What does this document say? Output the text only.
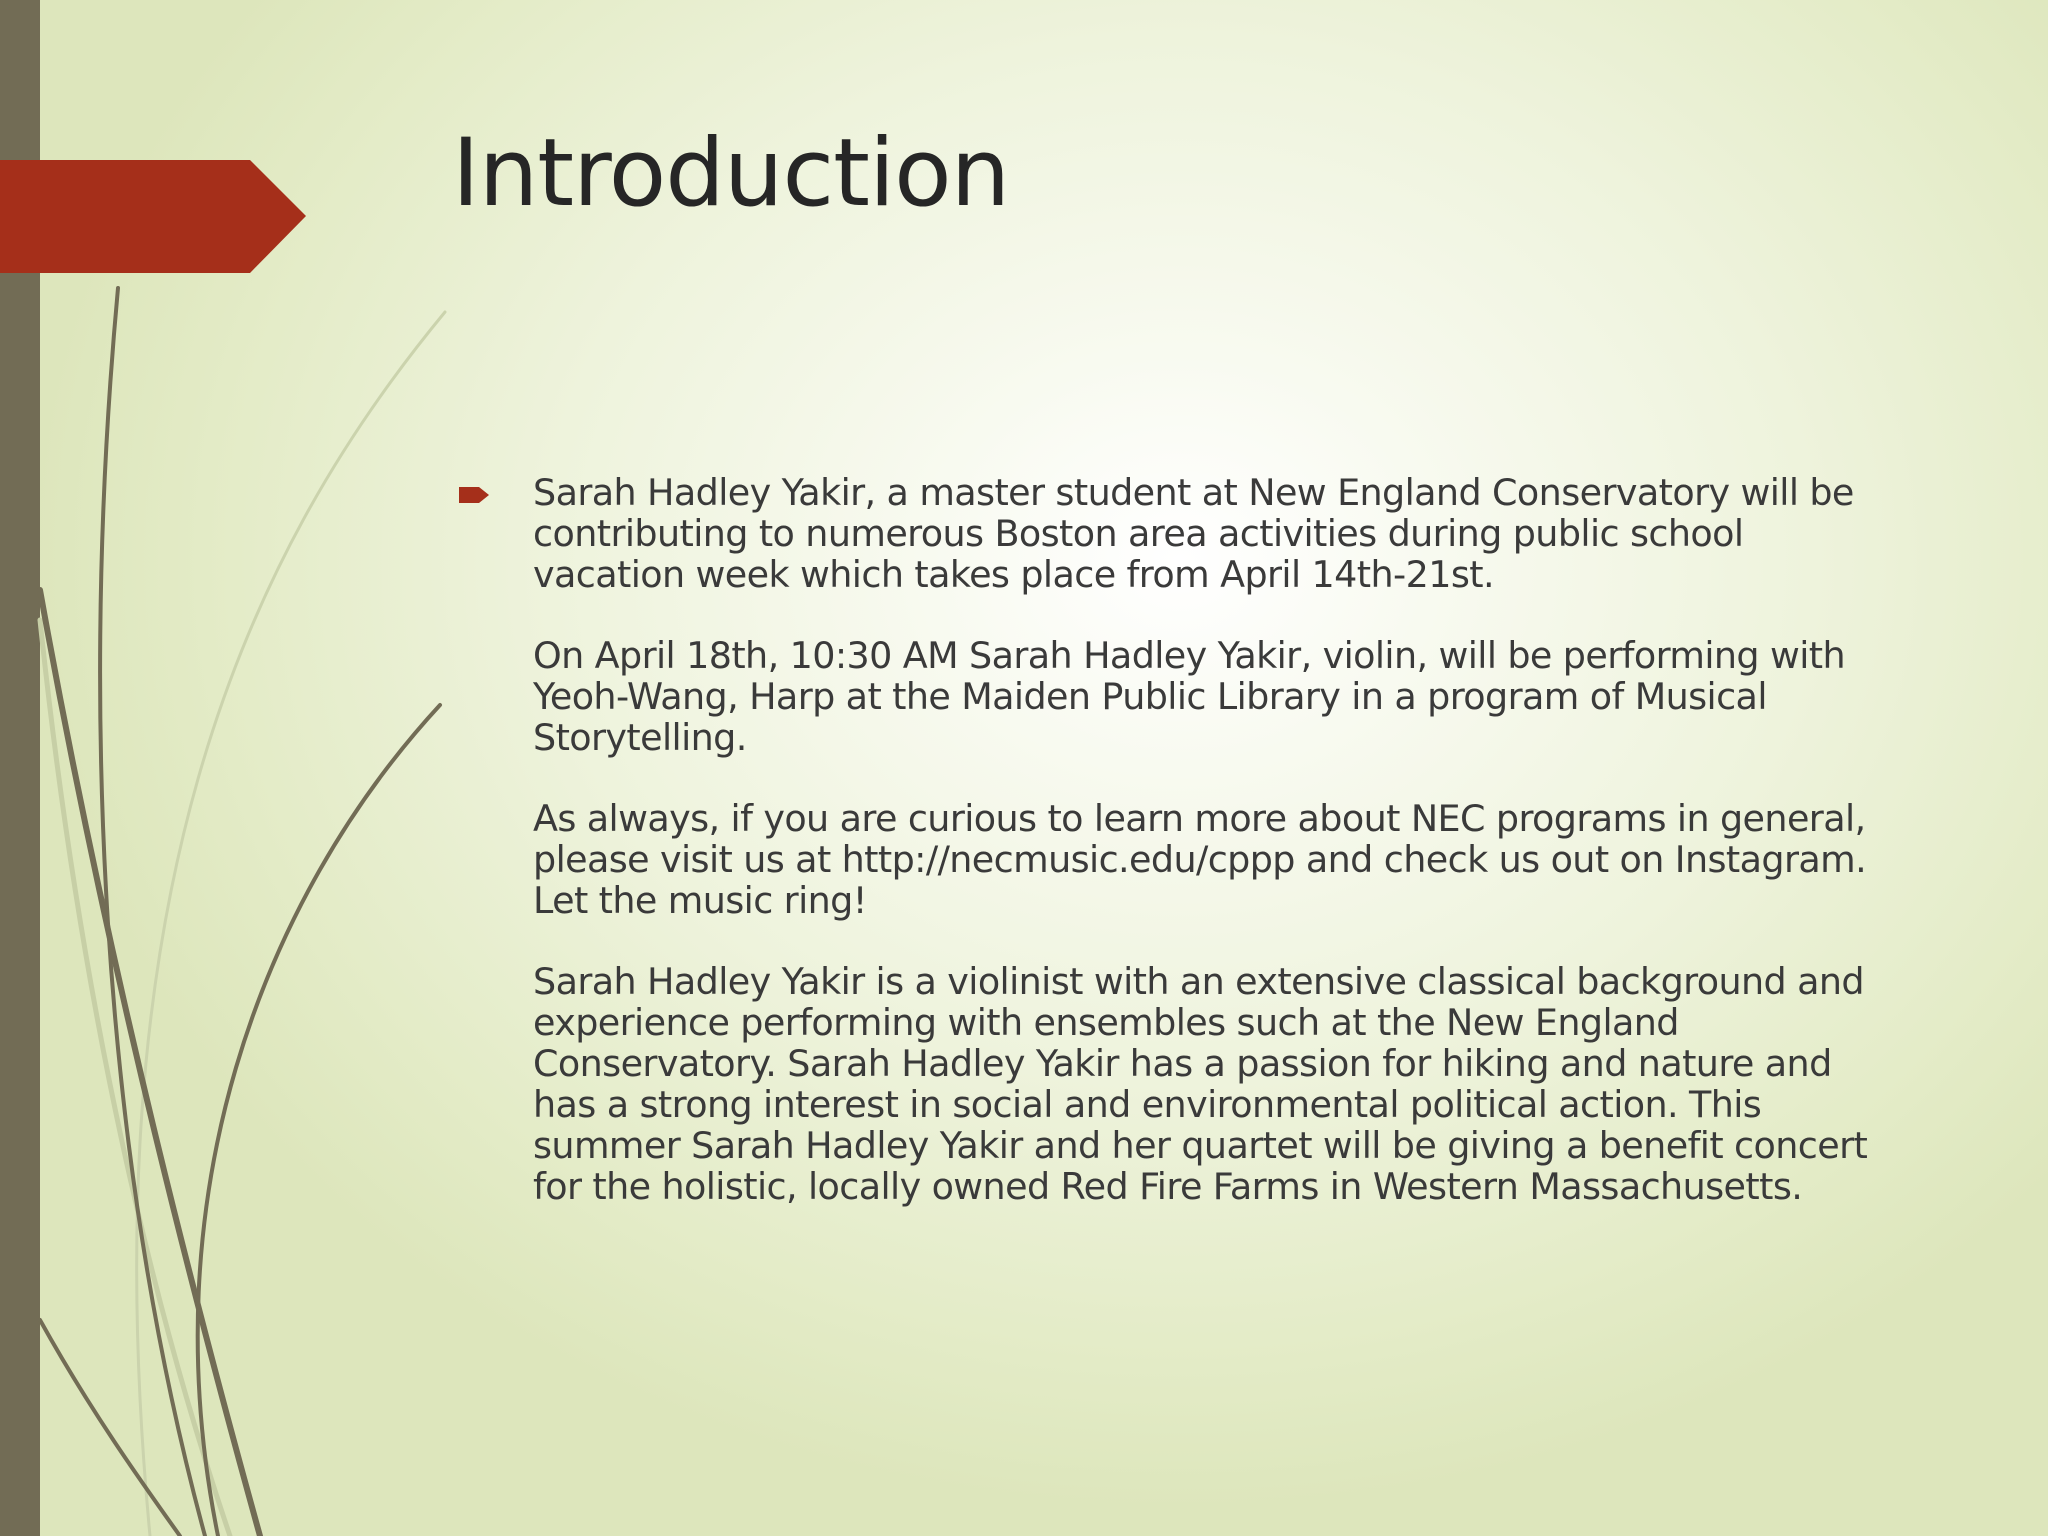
Introduction

Sarah Hadley Yakir, a master student at New England Conservatory will be contributing to numerous Boston area activities during public school vacation week which takes place from April 14th-21st.

On April 18th, 10:30 AM Sarah Hadley Yakir, violin, will be performing with Yeoh-Wang, Harp at the Maiden Public Library in a program of Musical Storytelling.

As always, if you are curious to learn more about NEC programs in general, please visit us at http://necmusic.edu/cppp and check us out on Instagram. Let the music ring!

Sarah Hadley Yakir is a violinist with an extensive classical background and experience performing with ensembles such at the New England Conservatory. Sarah Hadley Yakir has a passion for hiking and nature and has a strong interest in social and environmental political action. This summer Sarah Hadley Yakir and her quartet will be giving a benefit concert for the holistic, locally owned Red Fire Farms in Western Massachusetts.
